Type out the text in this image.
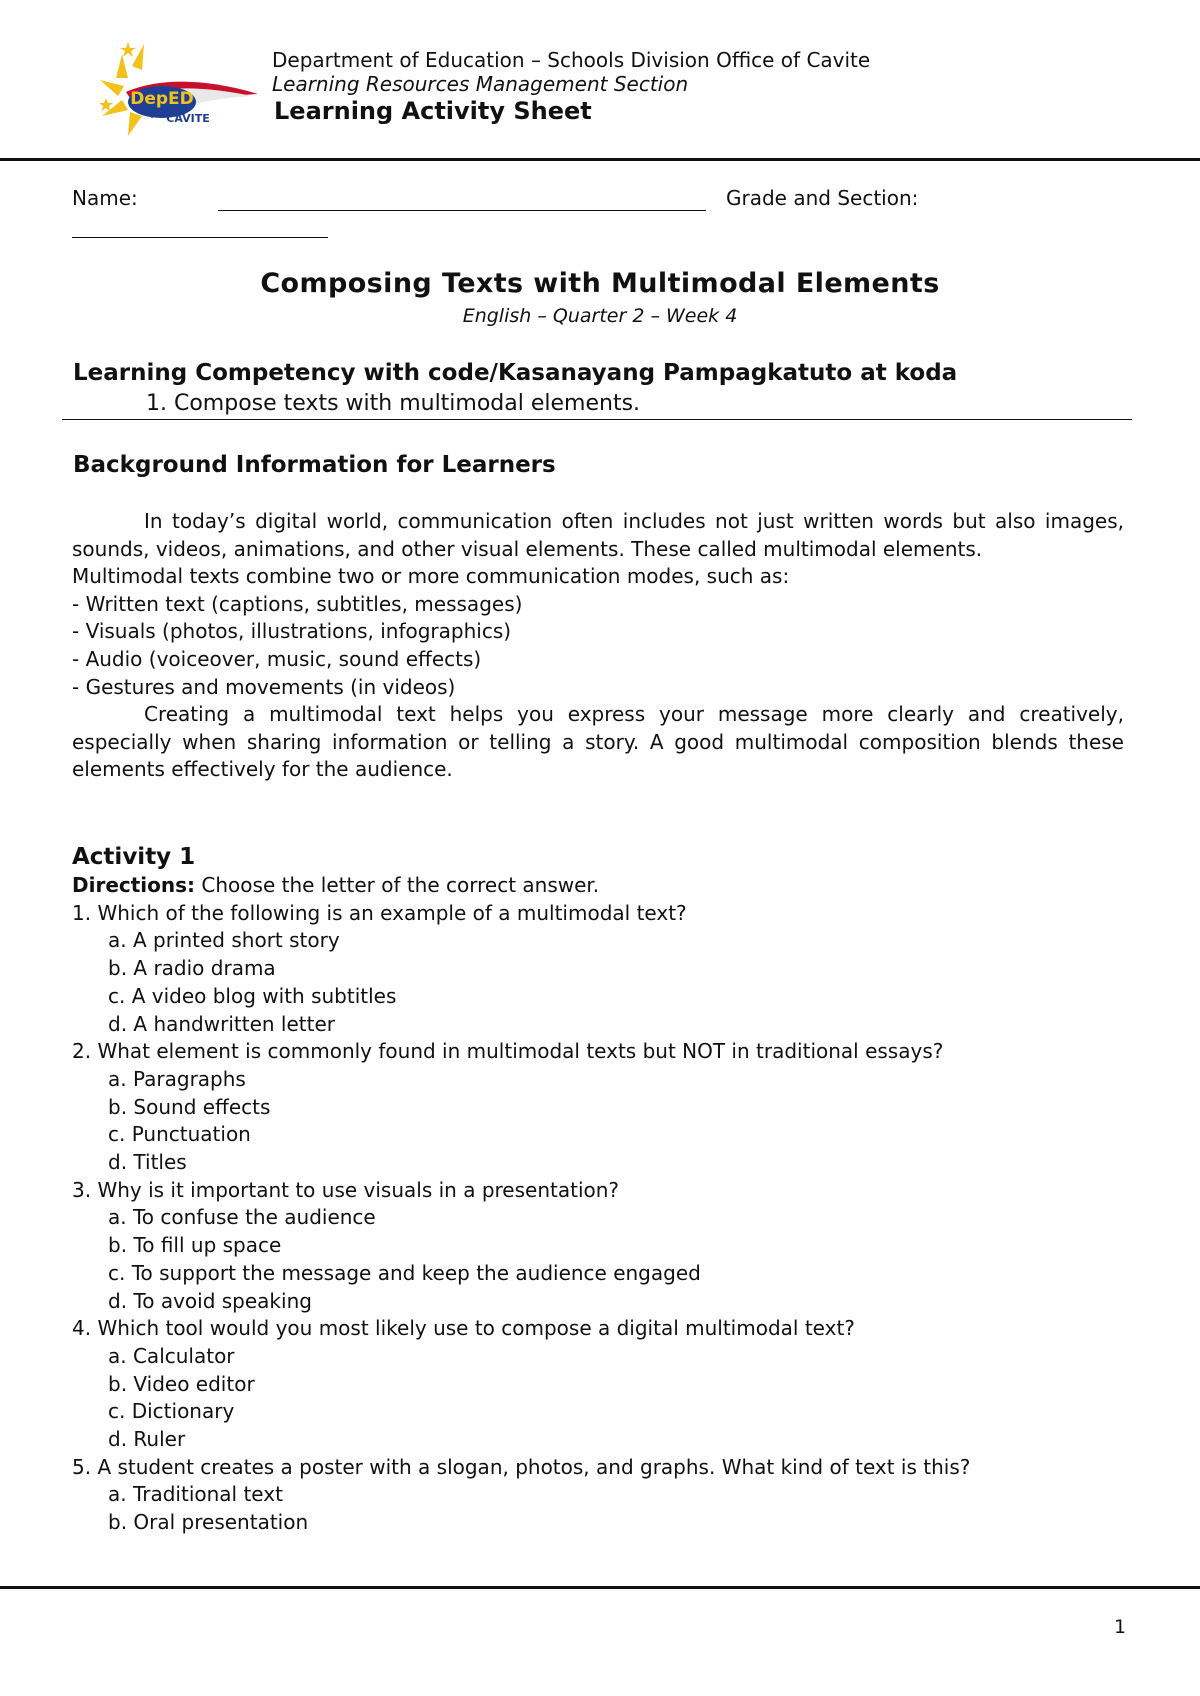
DepED
CAVITE
Department of Education – Schools Division Office of Cavite
Learning Resources Management Section
Learning Activity Sheet
Name:	Grade and Section:
Composing Texts with Multimodal Elements
English – Quarter 2 – Week 4
Learning Competency with code/Kasanayang Pampagkatuto at koda
1. Compose texts with multimodal elements.
Background Information for Learners

In today’s digital world, communication often includes not just written words but also images, sounds, videos, animations, and other visual elements. These called multimodal elements.

Multimodal texts combine two or more communication modes, such as:

- Written text (captions, subtitles, messages)

- Visuals (photos, illustrations, infographics)

- Audio (voiceover, music, sound effects)

- Gestures and movements (in videos)

Creating a multimodal text helps you express your message more clearly and creatively, especially when sharing information or telling a story. A good multimodal composition blends these elements effectively for the audience.

Activity 1

Directions: Choose the letter of the correct answer.

1. Which of the following is an example of a multimodal text?

a. A printed short story

b. A radio drama

c. A video blog with subtitles

d. A handwritten letter

2. What element is commonly found in multimodal texts but NOT in traditional essays?

a. Paragraphs

b. Sound effects

c. Punctuation

d. Titles

3. Why is it important to use visuals in a presentation?

a. To confuse the audience

b. To fill up space

c. To support the message and keep the audience engaged

d. To avoid speaking

4. Which tool would you most likely use to compose a digital multimodal text?

a. Calculator

b. Video editor

c. Dictionary

d. Ruler

5. A student creates a poster with a slogan, photos, and graphs. What kind of text is this?

a. Traditional text

b. Oral presentation

1
